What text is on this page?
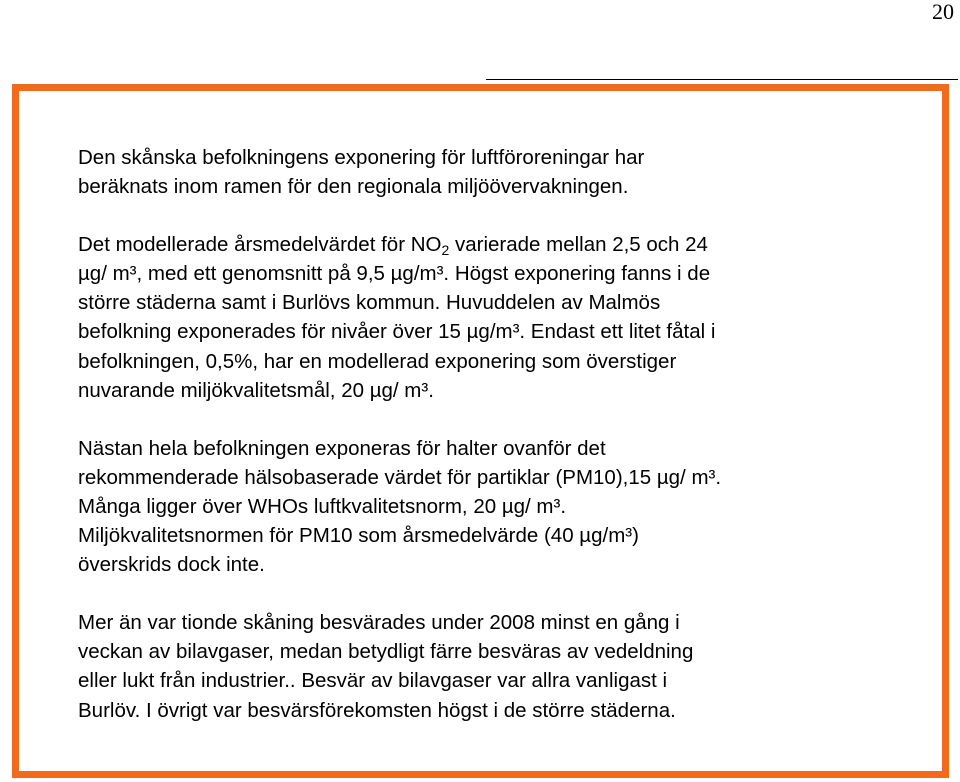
20

Den skånska befolkningens exponering för luftföroreningar har
beräknats inom ramen för den regionala miljöövervakningen.

Det modellerade årsmedelvärdet för $NO_2$ varierade mellan 2,5 och 24
µg/ m³, med ett genomsnitt på 9,5 µg/m³. Högst exponering fanns i de
större städerna samt i Burlövs kommun. Huvuddelen av Malmös
befolkning exponerades för nivåer över 15 µg/m³. Endast ett litet fåtal i
befolkningen, 0,5%, har en modellerad exponering som överstiger
nuvarande miljökvalitetsmål, 20 µg/ m³.

Nästan hela befolkningen exponeras för halter ovanför det
rekommenderade hälsobaserade värdet för partiklar (PM10),15 µg/ m³.
Många ligger över WHOs luftkvalitetsnorm, 20 µg/ m³.
Miljökvalitetsnormen för PM10 som årsmedelvärde (40 µg/m³)
överskrids dock inte.

Mer än var tionde skåning besvärades under 2008 minst en gång i
veckan av bilavgaser, medan betydligt färre besväras av vedeldning
eller lukt från industrier.. Besvär av bilavgaser var allra vanligast i
Burlöv. I övrigt var besvärsförekomsten högst i de större städerna.
